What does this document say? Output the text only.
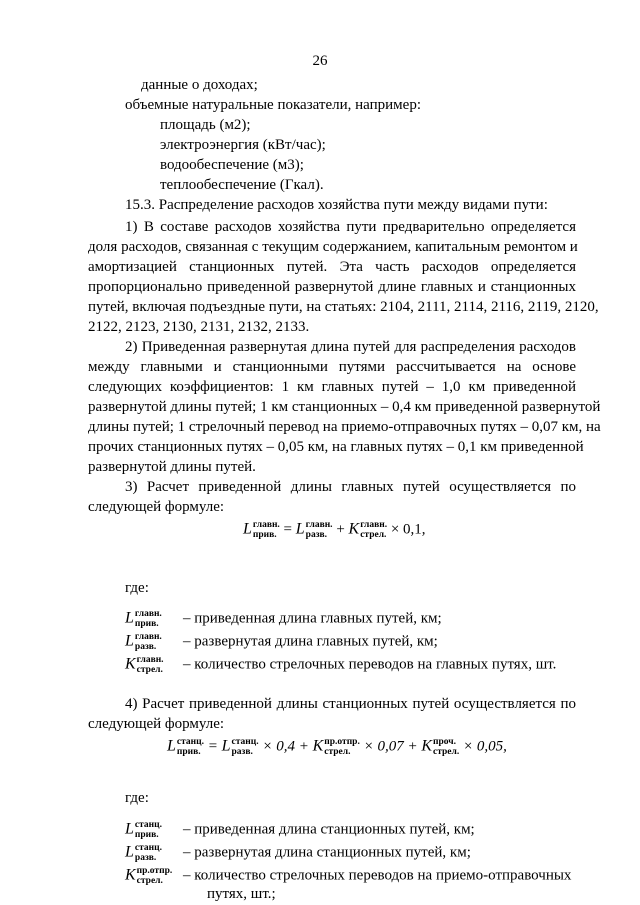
26
данные о доходах;
объемные натуральные показатели, например:
площадь (м2);
электроэнергия (кВт/час);
водообеспечение (м3);
теплообеспечение (Гкал).
15.3. Распределение расходов хозяйства пути между видами пути:
1) В составе расходов хозяйства пути предварительно определяется
доля расходов, связанная с текущим содержанием, капитальным ремонтом и
амортизацией станционных путей. Эта часть расходов определяется
пропорционально приведенной развернутой длине главных и станционных
путей, включая подъездные пути, на статьях: 2104, 2111, 2114, 2116, 2119, 2120,
2122, 2123, 2130, 2131, 2132, 2133.
2) Приведенная развернутая длина путей для распределения расходов
между главными и станционными путями рассчитывается на основе
следующих коэффициентов: 1 км главных путей – 1,0 км приведенной
развернутой длины путей; 1 км станционных – 0,4 км приведенной развернутой
длины путей; 1 стрелочный перевод на приемо-отправочных путях – 0,07 км, на
прочих станционных путях – 0,05 км, на главных путях – 0,1 км приведенной
развернутой длины путей.
3) Расчет приведенной длины главных путей осуществляется по
следующей формуле:
L главн.
прив. = L главн.
разв. + K главн.
стрел. × 0,1,
где:
L главн.
прив. – приведенная длина главных путей, км;
L главн.
разв.	– развернутая длина главных путей, км;
K главн.
стрел. – количество стрелочных переводов на главных путях, шт.
4) Расчет приведенной длины станционных путей осуществляется по
следующей формуле:
L станц.
прив. = L станц.
разв. × 0,4 + K пр.отпр.
стрел. × 0,07 + K проч.
стрел. × 0,05,
где:
L станц.
прив. – приведенная длина станционных путей, км;
L станц.
разв.	– развернутая длина станционных путей, км;
K пр.отпр.
стрел.	– количество стрелочных переводов на приемо-отправочных
путях, шт.;
